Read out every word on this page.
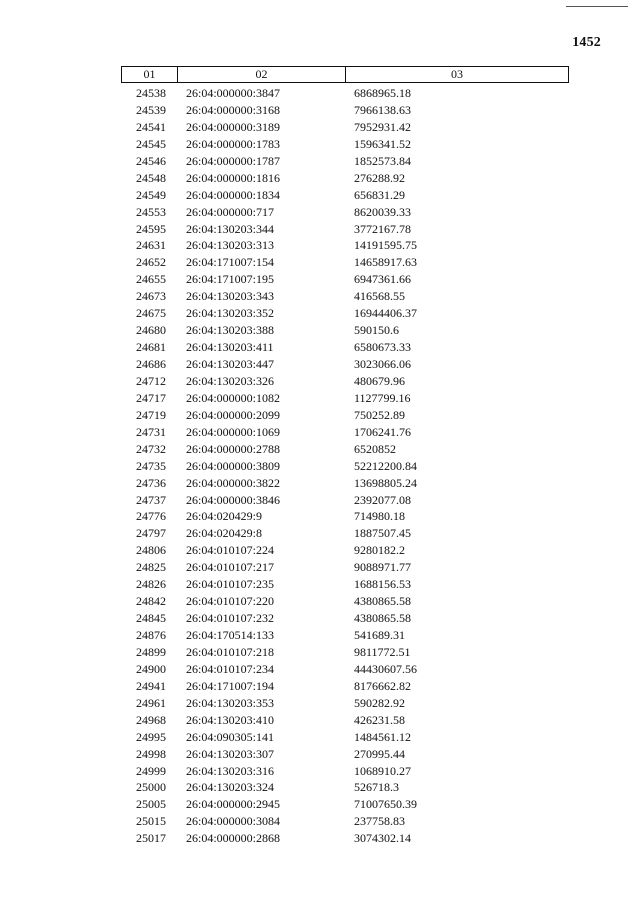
1452
01	02	03
24538	26:04:000000:3847	6868965.18
24539	26:04:000000:3168	7966138.63
24541	26:04:000000:3189	7952931.42
24545	26:04:000000:1783	1596341.52
24546	26:04:000000:1787	1852573.84
24548	26:04:000000:1816	276288.92
24549	26:04:000000:1834	656831.29
24553	26:04:000000:717	8620039.33
24595	26:04:130203:344	3772167.78
24631	26:04:130203:313	14191595.75
24652	26:04:171007:154	14658917.63
24655	26:04:171007:195	6947361.66
24673	26:04:130203:343	416568.55
24675	26:04:130203:352	16944406.37
24680	26:04:130203:388	590150.6
24681	26:04:130203:411	6580673.33
24686	26:04:130203:447	3023066.06
24712	26:04:130203:326	480679.96
24717	26:04:000000:1082	1127799.16
24719	26:04:000000:2099	750252.89
24731	26:04:000000:1069	1706241.76
24732	26:04:000000:2788	6520852
24735	26:04:000000:3809	52212200.84
24736	26:04:000000:3822	13698805.24
24737	26:04:000000:3846	2392077.08
24776	26:04:020429:9	714980.18
24797	26:04:020429:8	1887507.45
24806	26:04:010107:224	9280182.2
24825	26:04:010107:217	9088971.77
24826	26:04:010107:235	1688156.53
24842	26:04:010107:220	4380865.58
24845	26:04:010107:232	4380865.58
24876	26:04:170514:133	541689.31
24899	26:04:010107:218	9811772.51
24900	26:04:010107:234	44430607.56
24941	26:04:171007:194	8176662.82
24961	26:04:130203:353	590282.92
24968	26:04:130203:410	426231.58
24995	26:04:090305:141	1484561.12
24998	26:04:130203:307	270995.44
24999	26:04:130203:316	1068910.27
25000	26:04:130203:324	526718.3
25005	26:04:000000:2945	71007650.39
25015	26:04:000000:3084	237758.83
25017	26:04:000000:2868	3074302.14
